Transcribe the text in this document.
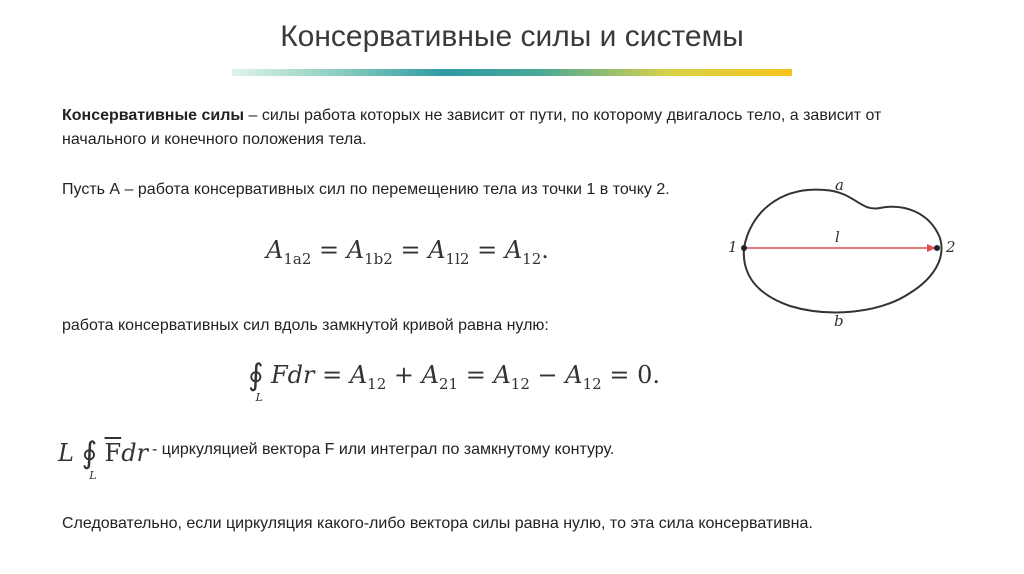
Консервативные силы и системы
Консервативные силы – силы работа которых не зависит от пути, по которому двигалось тело, а зависит от начального и конечного положения тела.
Пусть А – работа консервативных сил по перемещению тела из точки 1 в точку 2.
$A_{1a2} = A_{1b2} = A_{1l2} = A_{12}$.
работа консервативных сил вдоль замкнутой кривой равна нулю:
$∮_LFdr = A_{12} + A_{21} = A_{12} - A_{12} = 0$.
L $∮_L\overline{F}dr$ - циркуляцией вектора F или интеграл по замкнутому контуру.
Следовательно, если циркуляция какого-либо вектора силы равна нулю, то эта сила консервативна.
a
b
l
1	2
